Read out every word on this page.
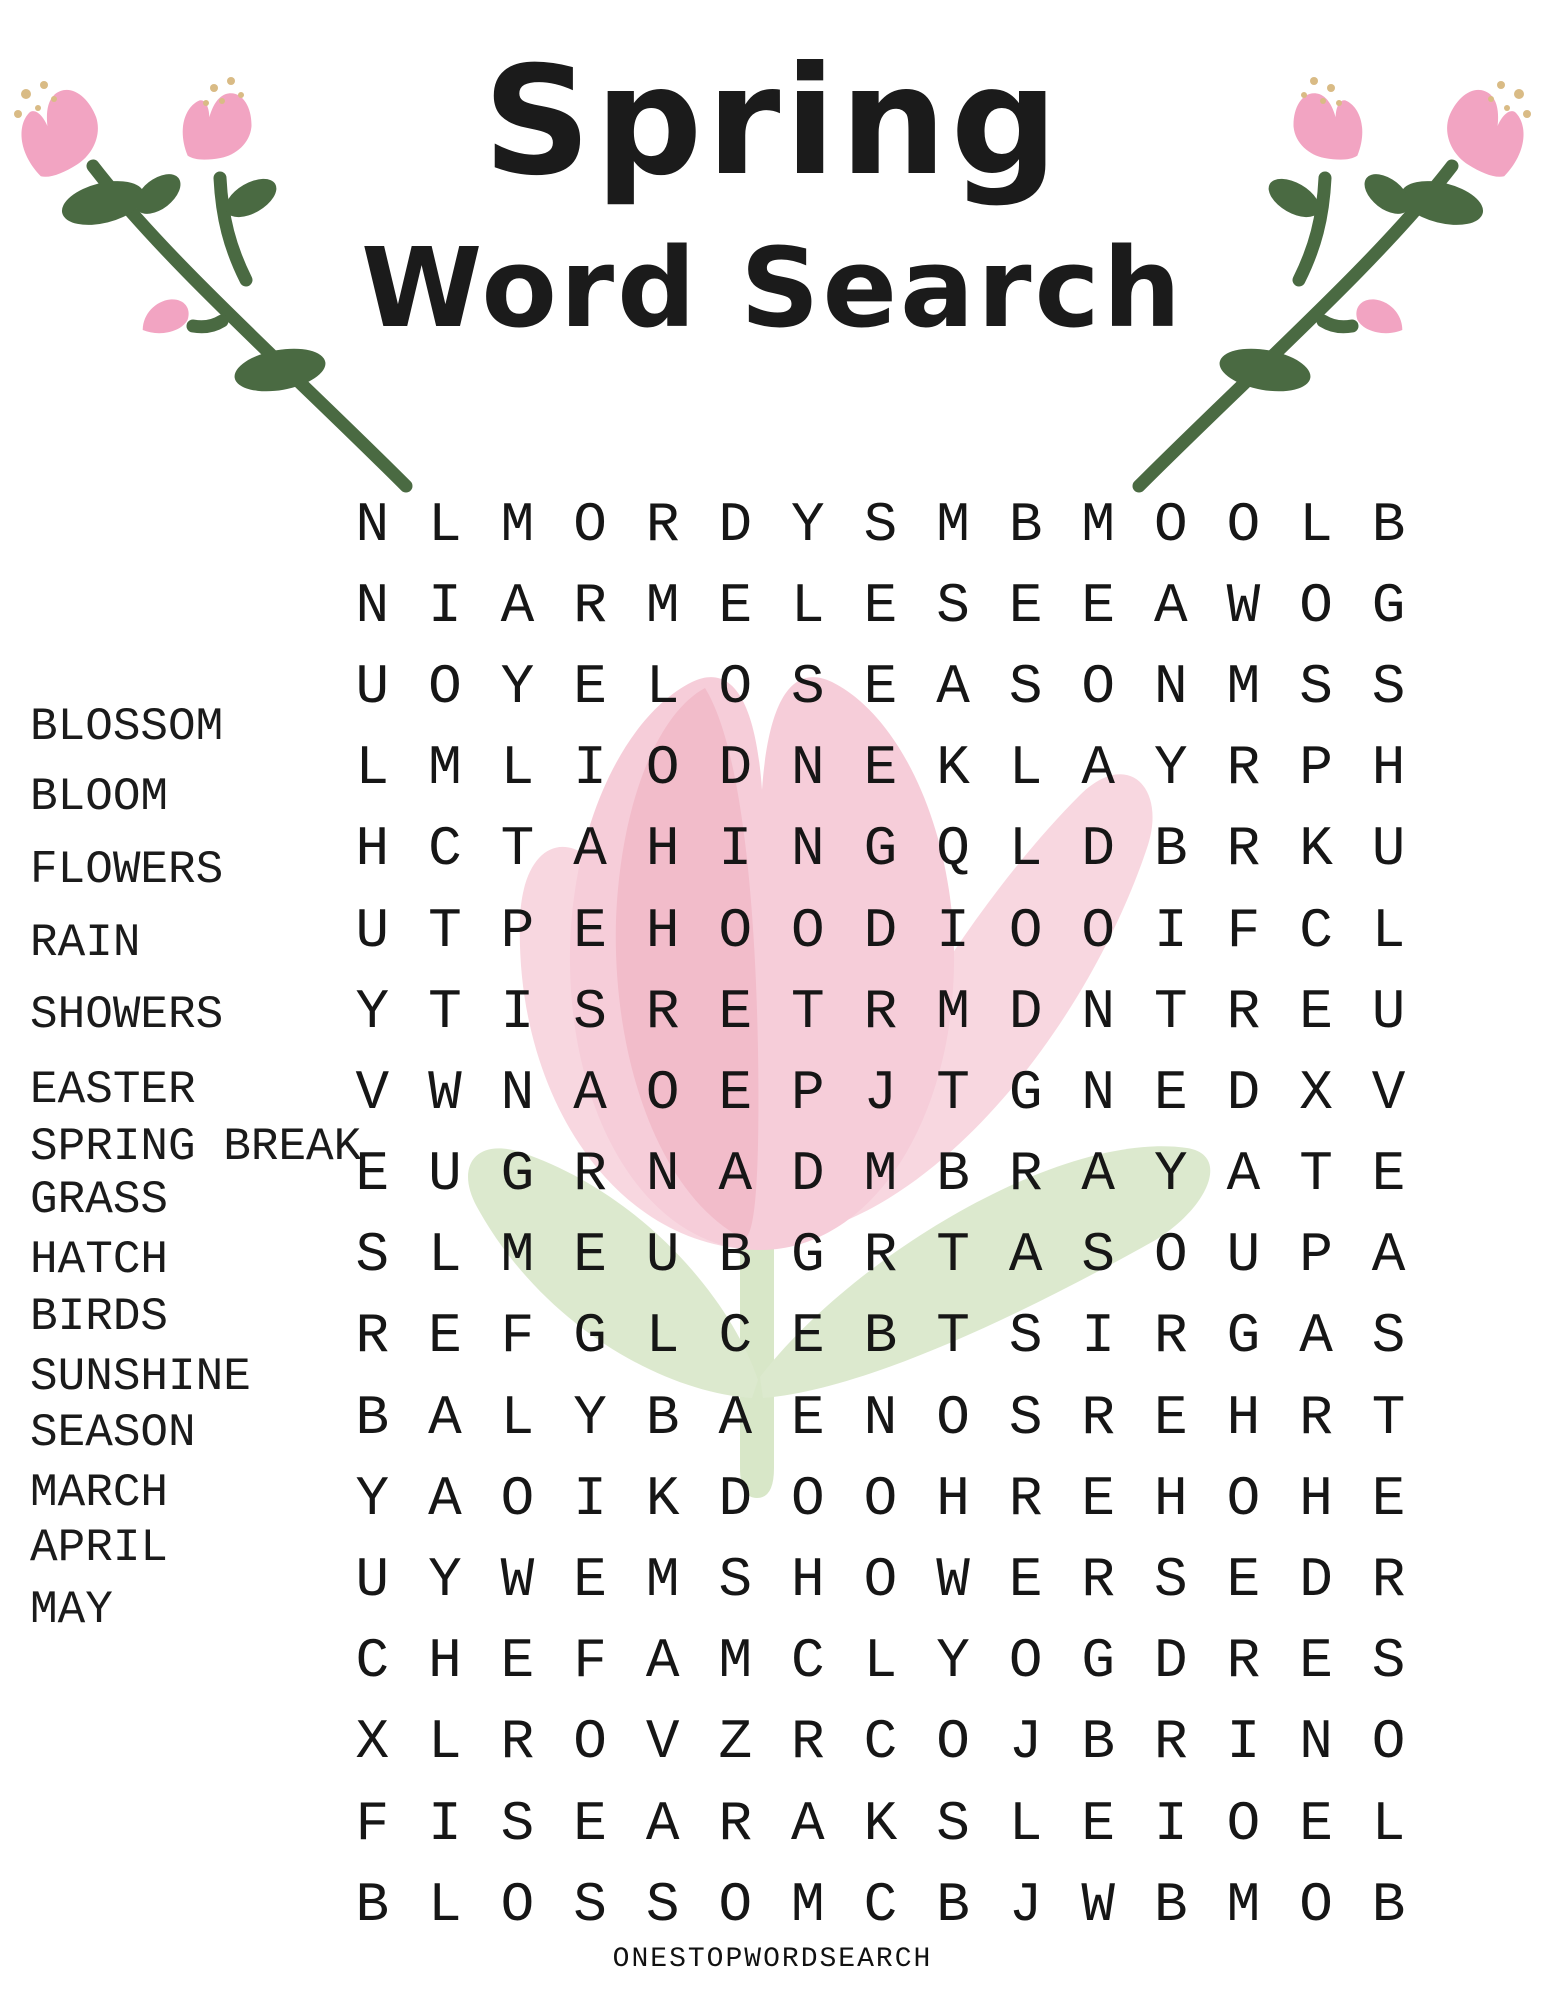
Spring
Word Search
BLOSSOM
BLOOM
FLOWERS
RAIN
SHOWERS
EASTER
SPRING BREAK
GRASS
HATCH
BIRDS
SUNSHINE
SEASON
MARCH
APRIL
MAY
N L M O R D Y S M B M O O L B
N I A R M E L E S E E A W O G
U O Y E L O S E A S O N M S S
L M L I O D N E K L A Y R P H
H C T A H I N G Q L D B R K U
U T P E H O O D I O O I F C L
Y T I S R E T R M D N T R E U
V W N A O E P J T G N E D X V
E U G R N A D M B R A Y A T E
S L M E U B G R T A S O U P A
R E F G L C E B T S I R G A S
B A L Y B A E N O S R E H R T
Y A O I K D O O H R E H O H E
U Y W E M S H O W E R S E D R
C H E F A M C L Y O G D R E S
X L R O V Z R C O J B R I N O
F I S E A R A K S L E I O E L
B L O S S O M C B J W B M O B
ONESTOPWORDSEARCH
